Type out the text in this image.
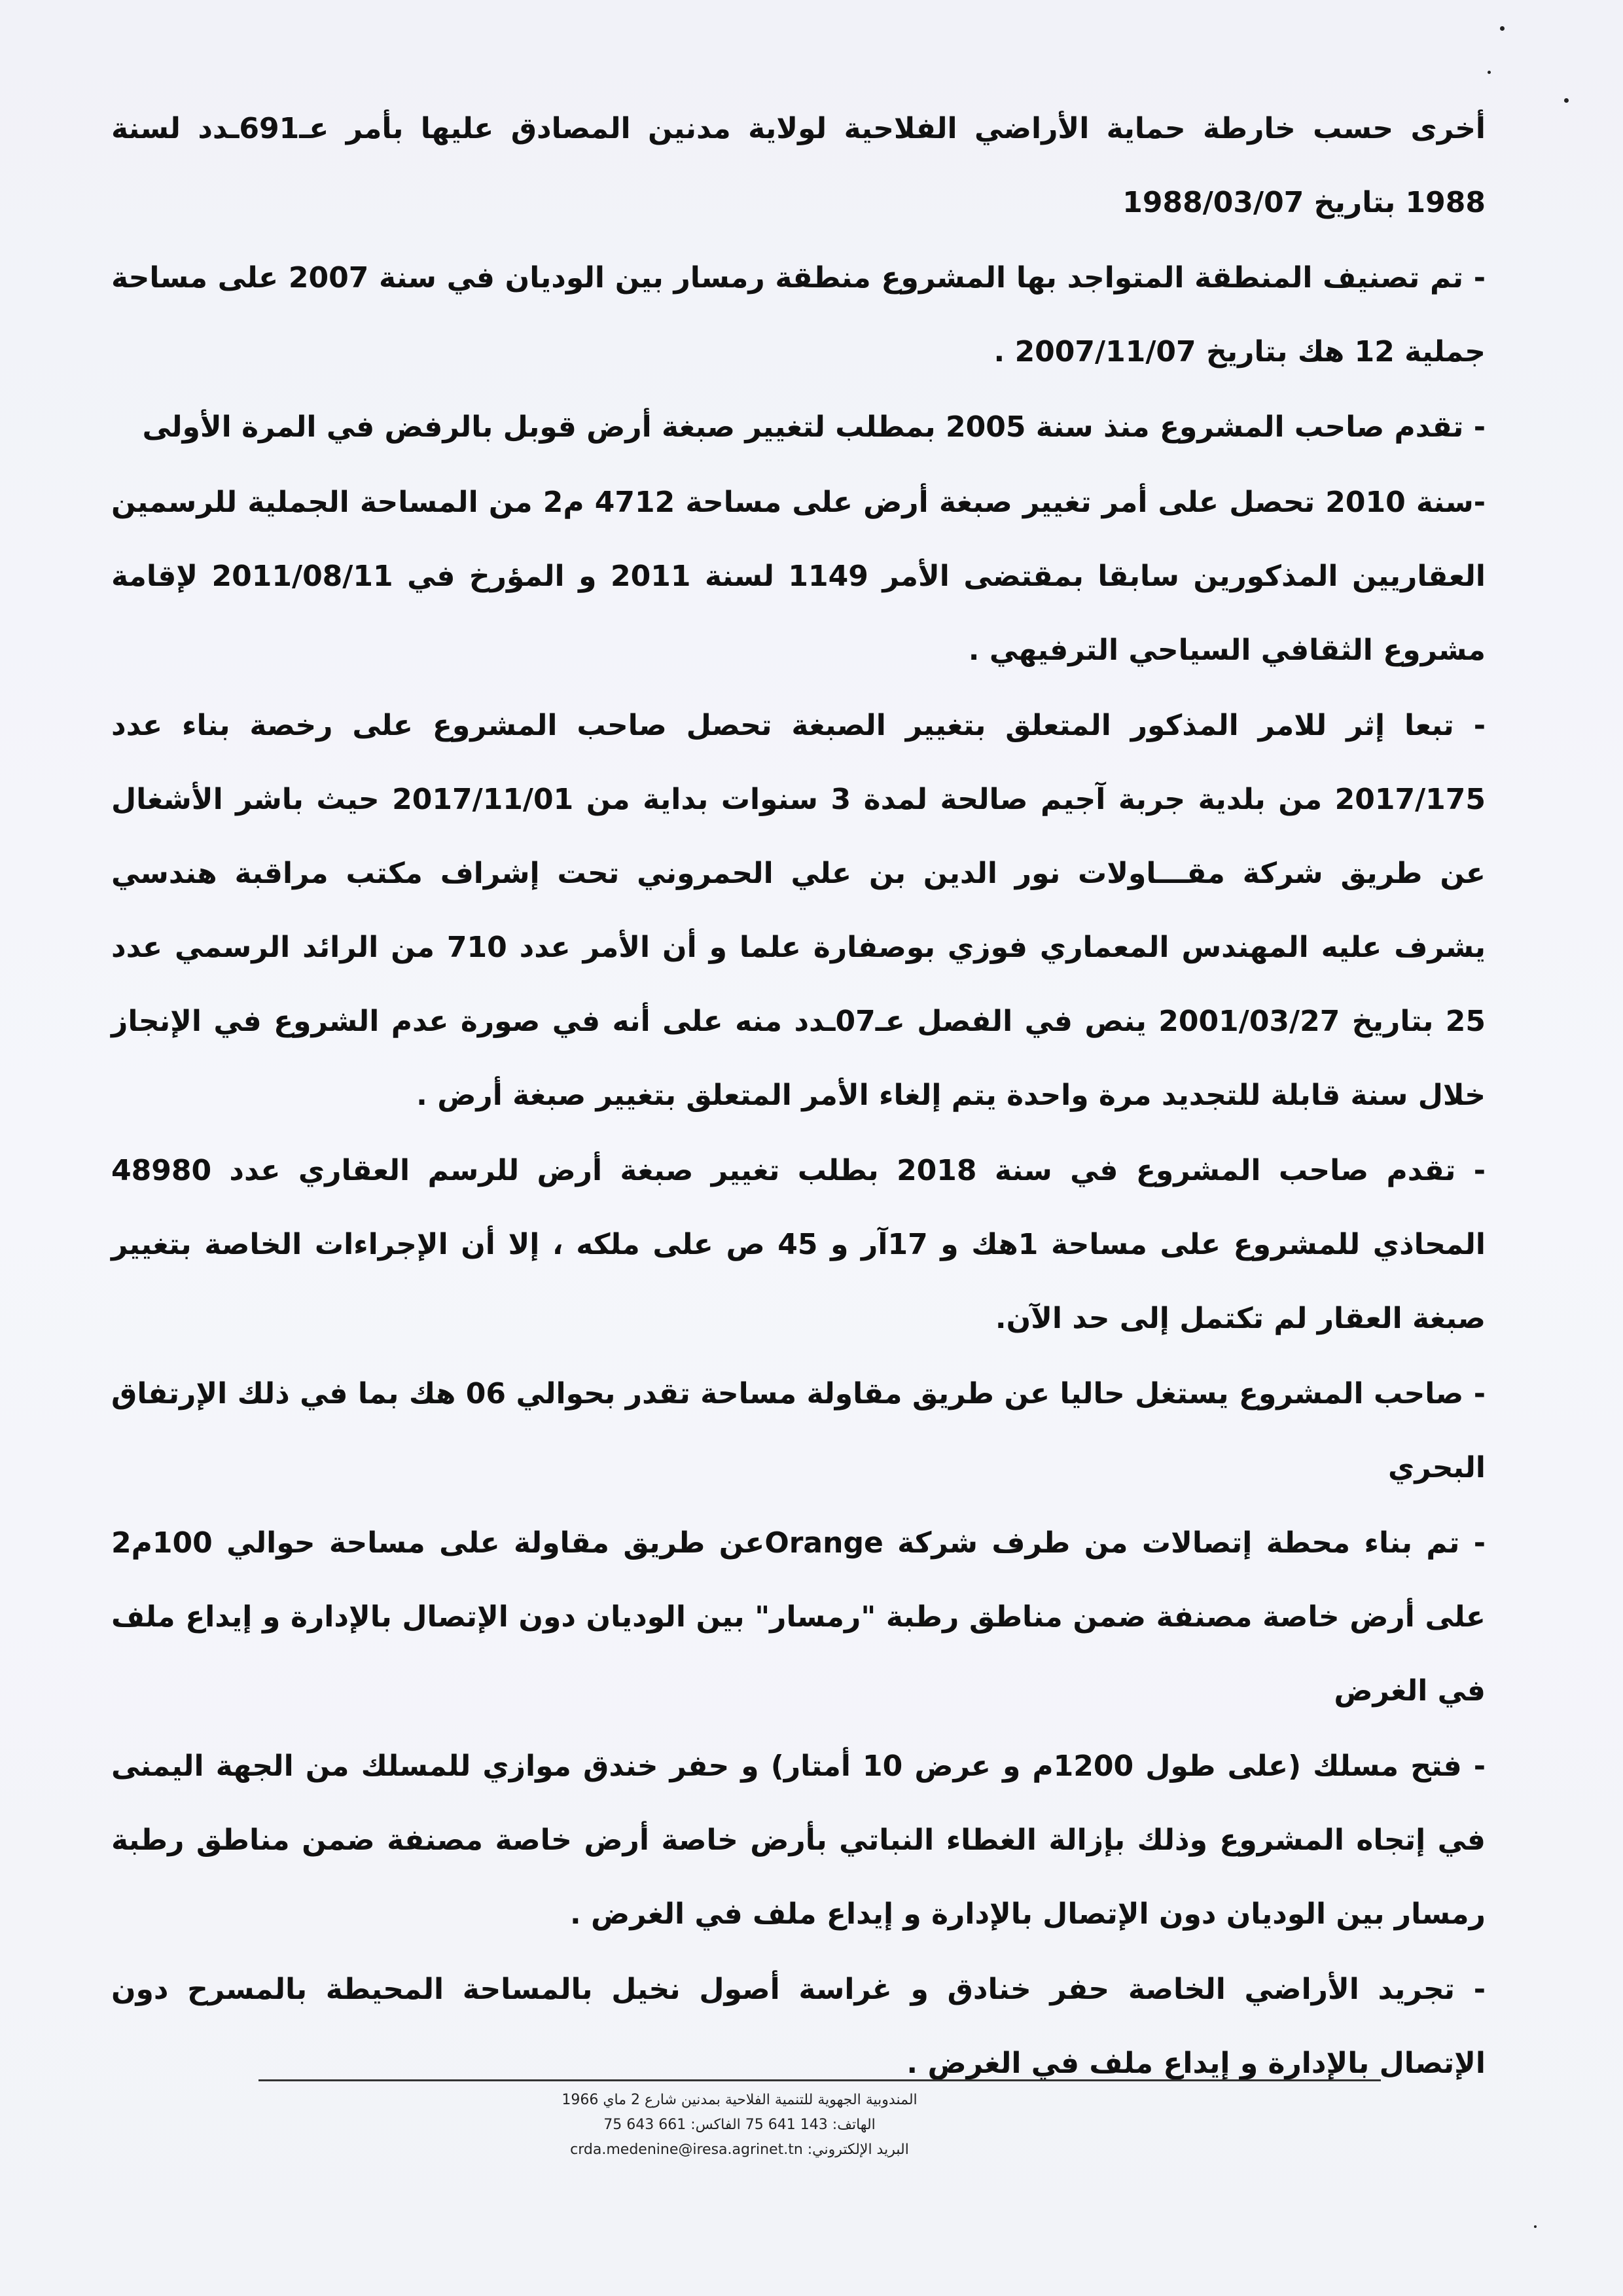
أخرى حسب خارطة حماية الأراضي الفلاحية لولاية مدنين المصادق عليها بأمر عـ691ـدد لسنة 1988 بتاريخ 1988/03/07

- تم تصنيف المنطقة المتواجد بها المشروع منطقة رمسار بين الوديان في سنة 2007 على مساحة جملية 12 هك بتاريخ 2007/11/07 .

- تقدم صاحب المشروع منذ سنة 2005 بمطلب لتغيير صبغة أرض قوبل بالرفض في المرة الأولى

-سنة 2010 تحصل على أمر تغيير صبغة أرض على مساحة 4712 م2 من المساحة الجملية للرسمين العقاريين المذكورين سابقا بمقتضى الأمر 1149 لسنة 2011 و المؤرخ في 2011/08/11 لإقامة مشروع الثقافي السياحي الترفيهي .

- تبعا إثر للامر المذكور المتعلق بتغيير الصبغة تحصل صاحب المشروع على رخصة بناء عدد 2017/175 من بلدية جربة آجيم صالحة لمدة 3 سنوات بداية من 2017/11/01 حيث باشر الأشغال عن طريق شركة مقـــاولات نور الدين بن علي الحمروني تحت إشراف مكتب مراقبة هندسي يشرف عليه المهندس المعماري فوزي بوصفارة علما و أن الأمر عدد 710 من الرائد الرسمي عدد 25 بتاريخ 2001/03/27 ينص في الفصل عـ07ـدد منه على أنه في صورة عدم الشروع في الإنجاز خلال سنة قابلة للتجديد مرة واحدة يتم إلغاء الأمر المتعلق بتغيير صبغة أرض .

- تقدم صاحب المشروع في سنة 2018 بطلب تغيير صبغة أرض للرسم العقاري عدد 48980 المحاذي للمشروع على مساحة 1هك و 17آر و 45 ص على ملكه ، إلا أن الإجراءات الخاصة بتغيير صبغة العقار لم تكتمل إلى حد الآن.

- صاحب المشروع يستغل حاليا عن طريق مقاولة مساحة تقدر بحوالي 06 هك بما في ذلك الإرتفاق البحري

- تم بناء محطة إتصالات من طرف شركة Orangeعن طريق مقاولة على مساحة حوالي 100م2 على أرض خاصة مصنفة ضمن مناطق رطبة "رمسار" بين الوديان دون الإتصال بالإدارة و إيداع ملف في الغرض

- فتح مسلك (على طول 1200م و عرض 10 أمتار) و حفر خندق موازي للمسلك من الجهة اليمنى في إتجاه المشروع وذلك بإزالة الغطاء النباتي بأرض خاصة أرض خاصة مصنفة ضمن مناطق رطبة رمسار بين الوديان دون الإتصال بالإدارة و إيداع ملف في الغرض .

- تجريد الأراضي الخاصة حفر خنادق و غراسة أصول نخيل بالمساحة المحيطة بالمسرح دون الإتصال بالإدارة و إيداع ملف في الغرض .

المندوبية الجهوية للتنمية الفلاحية بمدنين شارع 2 ماي 1966
الهاتف: 143 641 75 الفاكس: 661 643 75
البريد الإلكتروني: crda.medenine@iresa.agrinet.tn
